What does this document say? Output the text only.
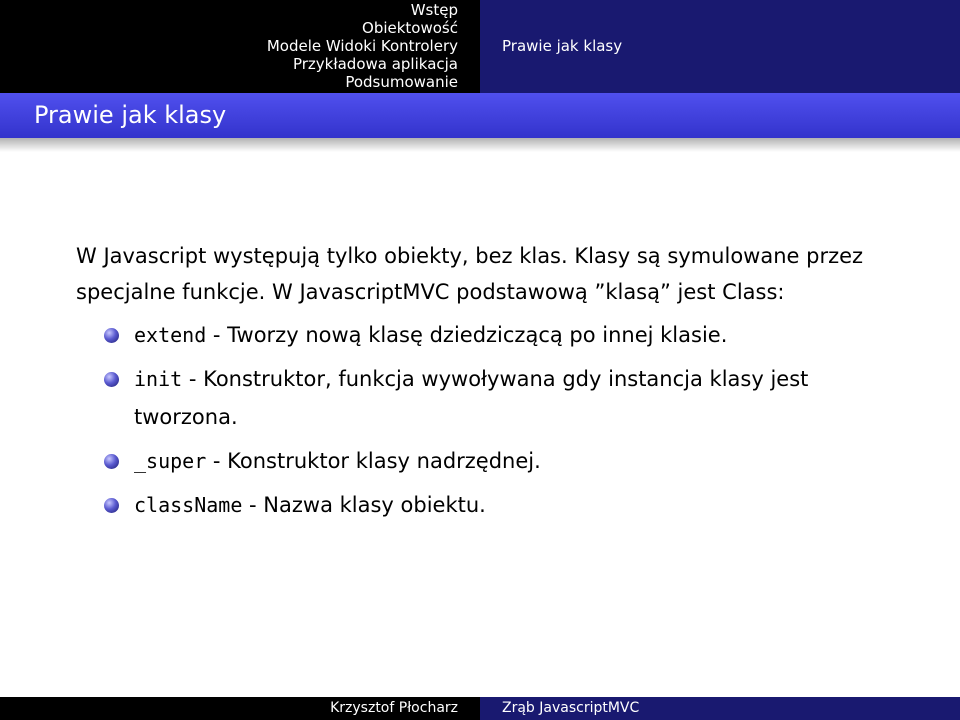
Wstęp
Obiektowość
Modele Widoki Kontrolery
Przykładowa aplikacja
Podsumowanie
Prawie jak klasy
Prawie jak klasy

W Javascript występują tylko obiekty, bez klas. Klasy są symulowane przez specjalne funkcje. W JavascriptMVC podstawową ”klasą” jest Class:

extend - Tworzy nową klasę dziedziczącą po innej klasie.
init - Konstruktor, funkcja wywoływana gdy instancja klasy jest tworzona.
_super - Konstruktor klasy nadrzędnej.
className - Nazwa klasy obiektu.
Krzysztof Płocharz	Zrąb JavascriptMVC
